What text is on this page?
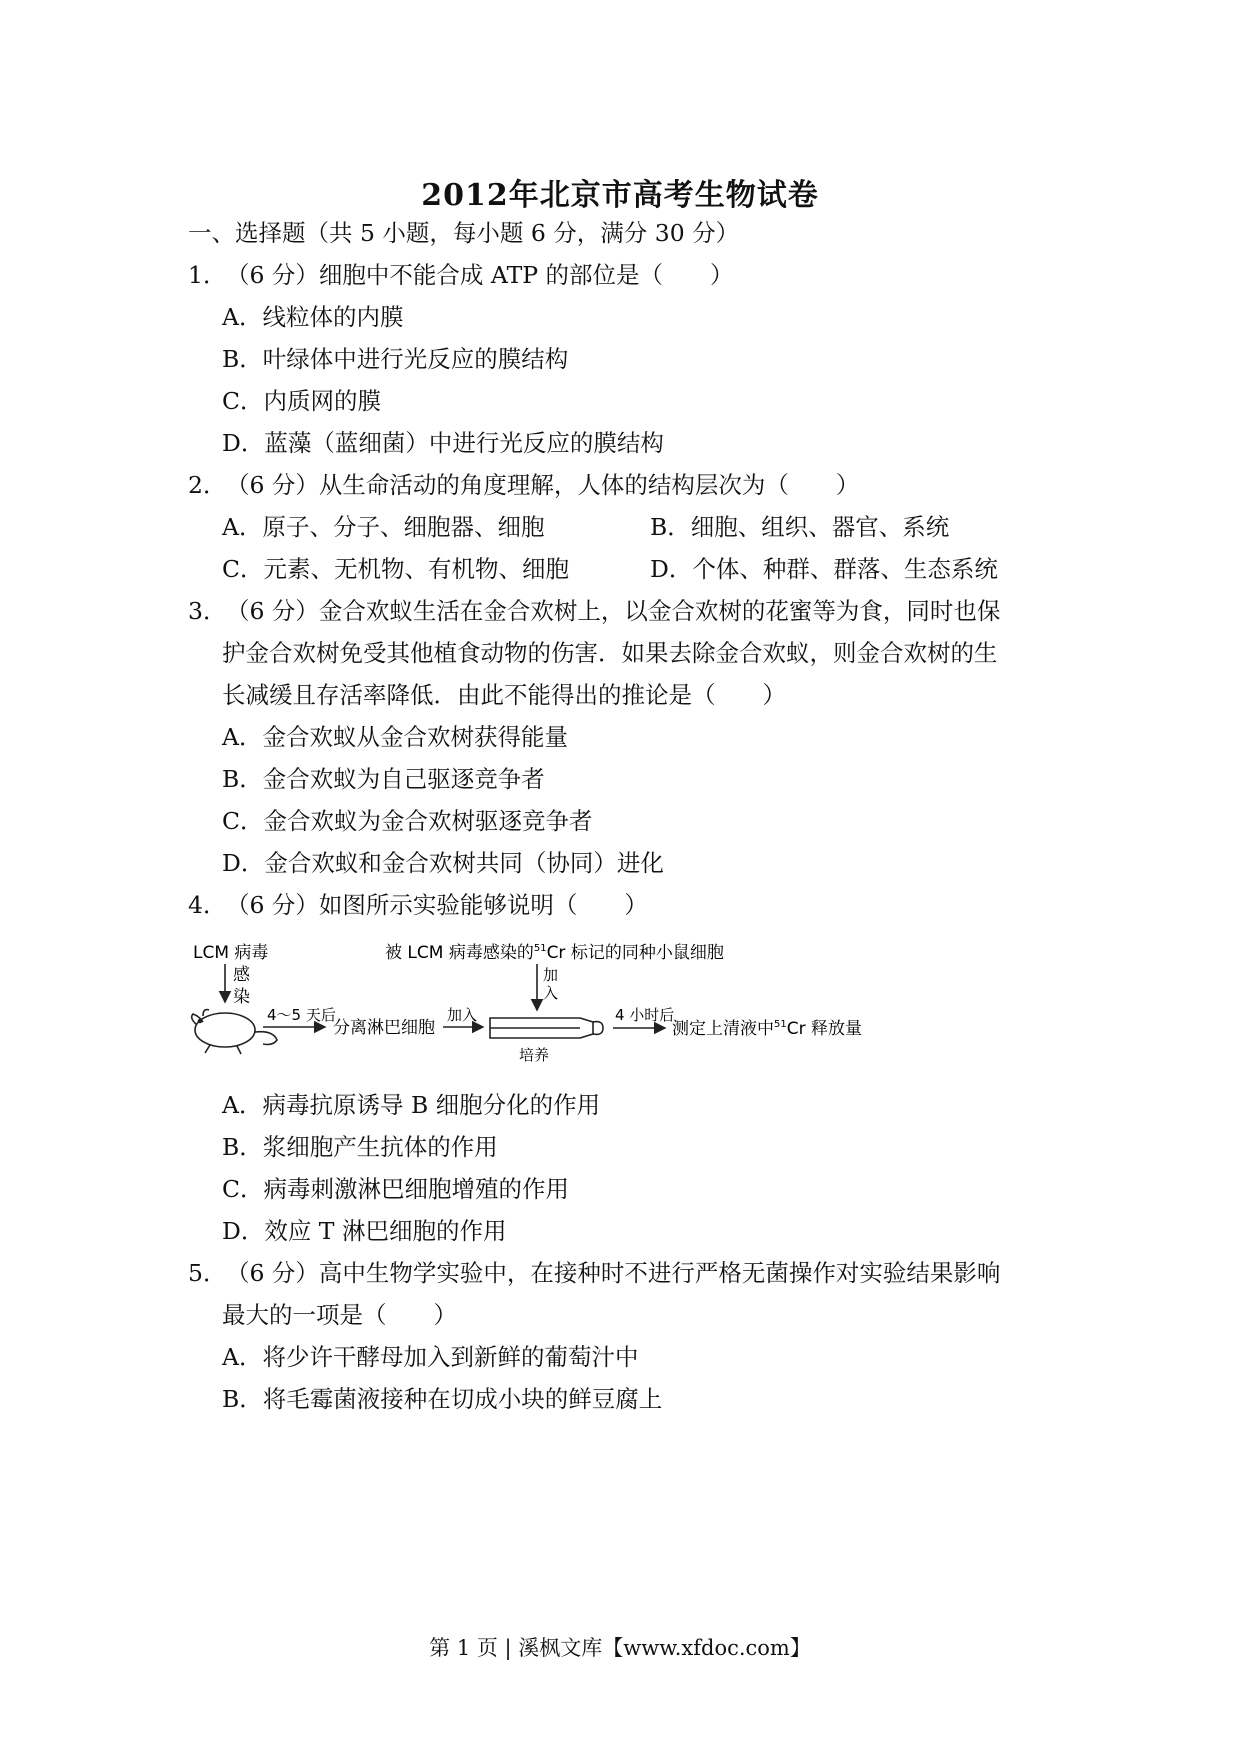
2012年北京市高考生物试卷
一、选择题（共 5 小题，每小题 6 分，满分 30 分）
1．（6 分）细胞中不能合成 ATP 的部位是（　　）
A．线粒体的内膜
B．叶绿体中进行光反应的膜结构
C．内质网的膜
D．蓝藻（蓝细菌）中进行光反应的膜结构
2．（6 分）从生命活动的角度理解，人体的结构层次为（　　）
A．原子、分子、细胞器、细胞	B．细胞、组织、器官、系统
C．元素、无机物、有机物、细胞	D．个体、种群、群落、生态系统
3．（6 分）金合欢蚁生活在金合欢树上，以金合欢树的花蜜等为食，同时也保
护金合欢树免受其他植食动物的伤害．如果去除金合欢蚁，则金合欢树的生
长减缓且存活率降低．由此不能得出的推论是（　　）
A．金合欢蚁从金合欢树获得能量
B．金合欢蚁为自己驱逐竞争者
C．金合欢蚁为金合欢树驱逐竞争者
D．金合欢蚁和金合欢树共同（协同）进化
4．（6 分）如图所示实验能够说明（　　）
LCM 病毒
感
染
4～5 天后
分离淋巴细胞
加入
被 LCM 病毒感染的$^{51}$Cr 标记的同种小鼠细胞
加
入
培养
4 小时后
测定上清液中$^{51}$Cr 释放量
A．病毒抗原诱导 B 细胞分化的作用
B．浆细胞产生抗体的作用
C．病毒刺激淋巴细胞增殖的作用
D．效应 T 淋巴细胞的作用
5．（6 分）高中生物学实验中，在接种时不进行严格无菌操作对实验结果影响
最大的一项是（　　）
A．将少许干酵母加入到新鲜的葡萄汁中
B．将毛霉菌液接种在切成小块的鲜豆腐上
第 1 页 | 溪枫文库【www.xfdoc.com】
